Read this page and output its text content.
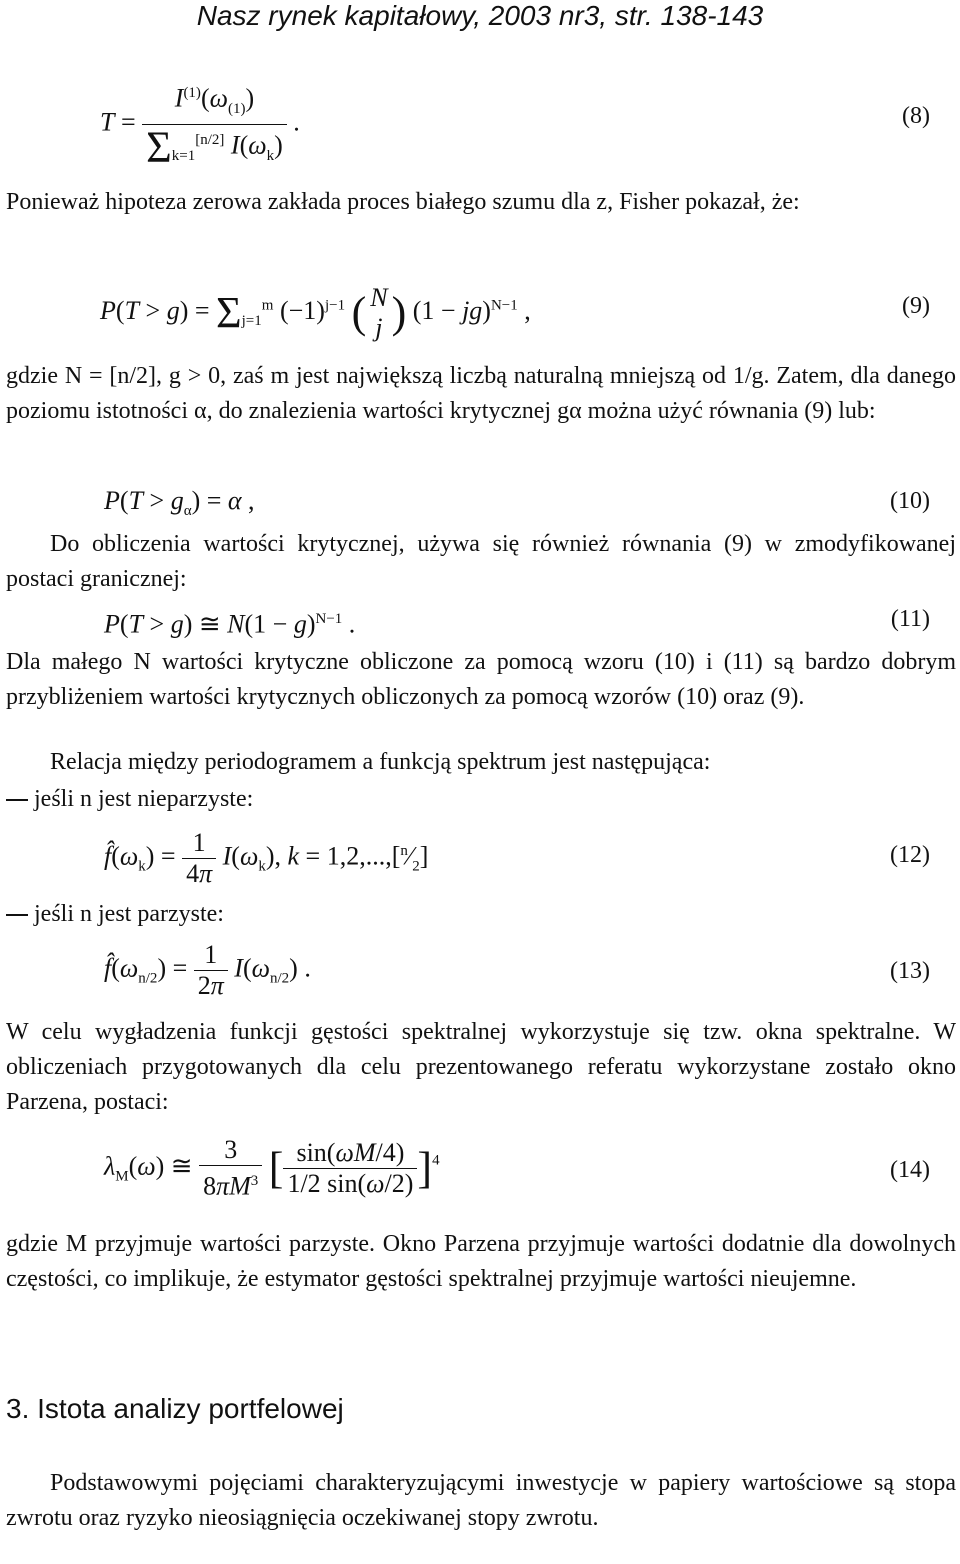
Nasz rynek kapitałowy, 2003 nr3, str. 138-143
$T = \frac{I^{(1)}(\omega_{(1)})}{\Sigma_{k=1}^{[n/2]} I(\omega_k)}$ .	(8)

Ponieważ hipoteza zerowa zakłada proces białego szumu dla z, Fisher pokazał, że:

$P(T > g) = \Sigma_{j=1}^m$ $(-1)^{j-1}$ ( N
j ) (1 − jg)$^{N-1}$ ,	(9)

gdzie N = [n/2], g > 0, zaś m jest największą liczbą naturalną mniejszą od 1/g. Zatem, dla danego poziomu istotności α, do znalezienia wartości krytycznej gα można użyć równania (9) lub:

$P(T > g_\alpha) = \alpha$ ,	(10)

Do obliczenia wartości krytycznej, używa się również równania (9) w zmodyfikowanej postaci granicznej:

P(T > g) ≅ $N(1 - g)^{N-1}$ .	(11)

Dla małego N wartości krytyczne obliczone za pomocą wzoru (10) i (11) są bardzo dobrym przybliżeniem wartości krytycznych obliczonych za pomocą wzorów (10) oraz (9).

Relacja między periodogramem a funkcją spektrum jest następująca:

jeśli n jest nieparzyste:
$f̂(\omega_k) = \frac{1}{4\pi} I(\omega_k)$, $k = 1,2,...,[^n⁄_2]$	(12)
jeśli n jest parzyste:
$f̂(\omega_{n/2}) = \frac{1}{2\pi} I(\omega_{n/2})$ .	(13)

W celu wygładzenia funkcji gęstości spektralnej wykorzystuje się tzw. okna spektralne. W obliczeniach przygotowanych dla celu prezentowanego referatu wykorzystane zostało okno Parzena, postaci:

$\lambda_M(\omega)$ ≅ $\frac{3}{8\pi M^3}$ [ $\frac{\sin(\omega M/4)}{1/2 \sin(\omega/2)} ]^4$	(14)

gdzie M przyjmuje wartości parzyste. Okno Parzena przyjmuje wartości dodatnie dla dowolnych częstości, co implikuje, że estymator gęstości spektralnej przyjmuje wartości nieujemne.

3. Istota analizy portfelowej

Podstawowymi pojęciami charakteryzującymi inwestycje w papiery wartościowe są stopa zwrotu oraz ryzyko nieosiągnięcia oczekiwanej stopy zwrotu.
